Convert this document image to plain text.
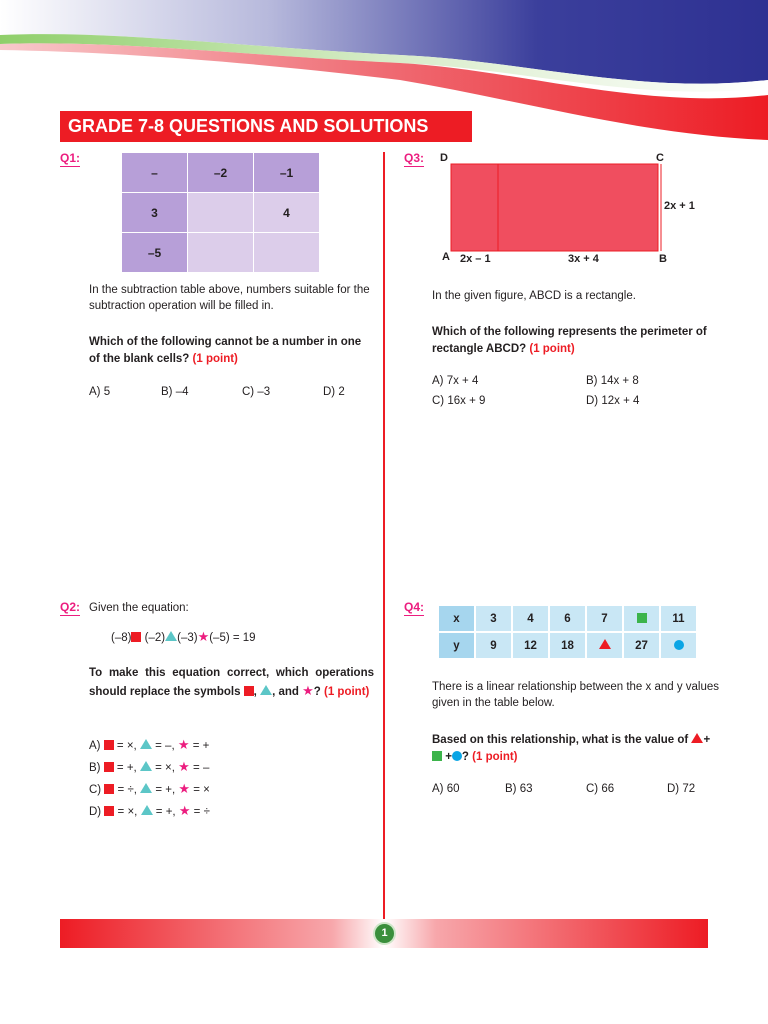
GRADE 7-8 QUESTIONS AND SOLUTIONS
Q1:
–	–2	–1
3		4
–5		
In the subtraction table above, numbers suitable for the subtraction operation will be filled in.
Which of the following cannot be a number in one of the blank cells? (1 point)
A) 5	B) –4	C) –3	D) 2
Q3: D	C
A	B
2x + 1
2x – 1	3x + 4
In the given figure, ABCD is a rectangle.
Which of the following represents the perimeter of rectangle ABCD? (1 point)
A) 7x + 4	B) 14x + 8
C) 16x + 9	D) 12x + 4
Q2: Given the equation:
(–8) (–2) (–3)★(–5) = 19
To make this equation correct, which operations should replace the symbols , , and ★? (1 point)
A) = ×, = –, ★ = +
B) = +, = ×, ★ = –
C) = ÷, = +, ★ = ×
D) = ×, = +, ★ = ÷
Q4:
x	3	4	6	7		11
y	9	12	18		27	
There is a linear relationship between the x and y values given in the table below.
Based on this relationship, what is the value of + + ? (1 point)
A) 60	B) 63	C) 66	D) 72
1
